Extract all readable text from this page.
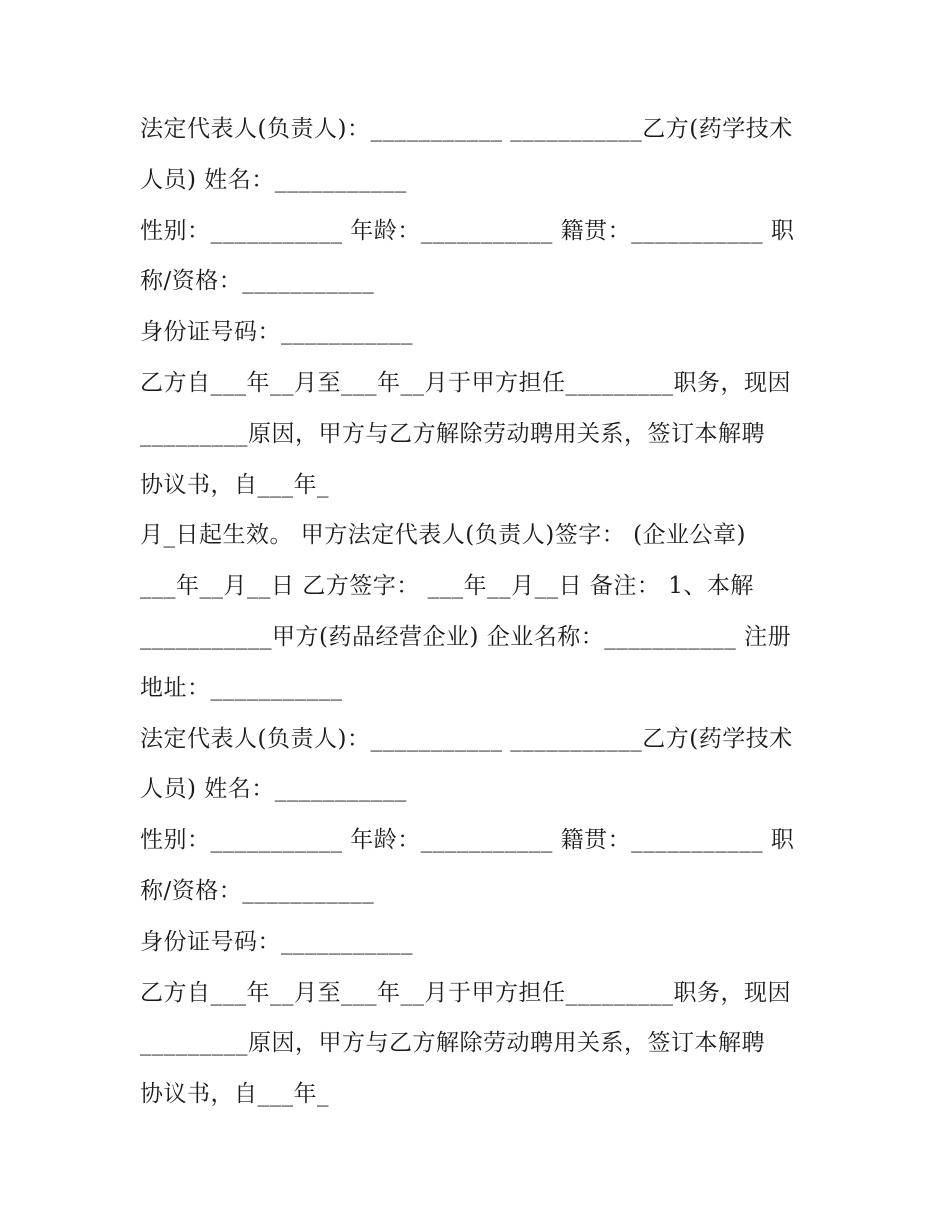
法定代表人(负责人)：___________ ___________乙方(药学技术
人员) 姓名：___________
性别：___________ 年龄：___________ 籍贯：___________ 职
称/资格：___________
身份证号码：___________
乙方自___年__月至___年__月于甲方担任_________职务，现因
_________原因，甲方与乙方解除劳动聘用关系，签订本解聘
协议书，自___年_
月_日起生效。 甲方法定代表人(负责人)签字： (企业公章)
___年__月__日 乙方签字： ___年__月__日 备注： 1、本解
___________甲方(药品经营企业) 企业名称：___________ 注册
地址：___________
法定代表人(负责人)：___________ ___________乙方(药学技术
人员) 姓名：___________
性别：___________ 年龄：___________ 籍贯：___________ 职
称/资格：___________
身份证号码：___________
乙方自___年__月至___年__月于甲方担任_________职务，现因
_________原因，甲方与乙方解除劳动聘用关系，签订本解聘
协议书，自___年_
